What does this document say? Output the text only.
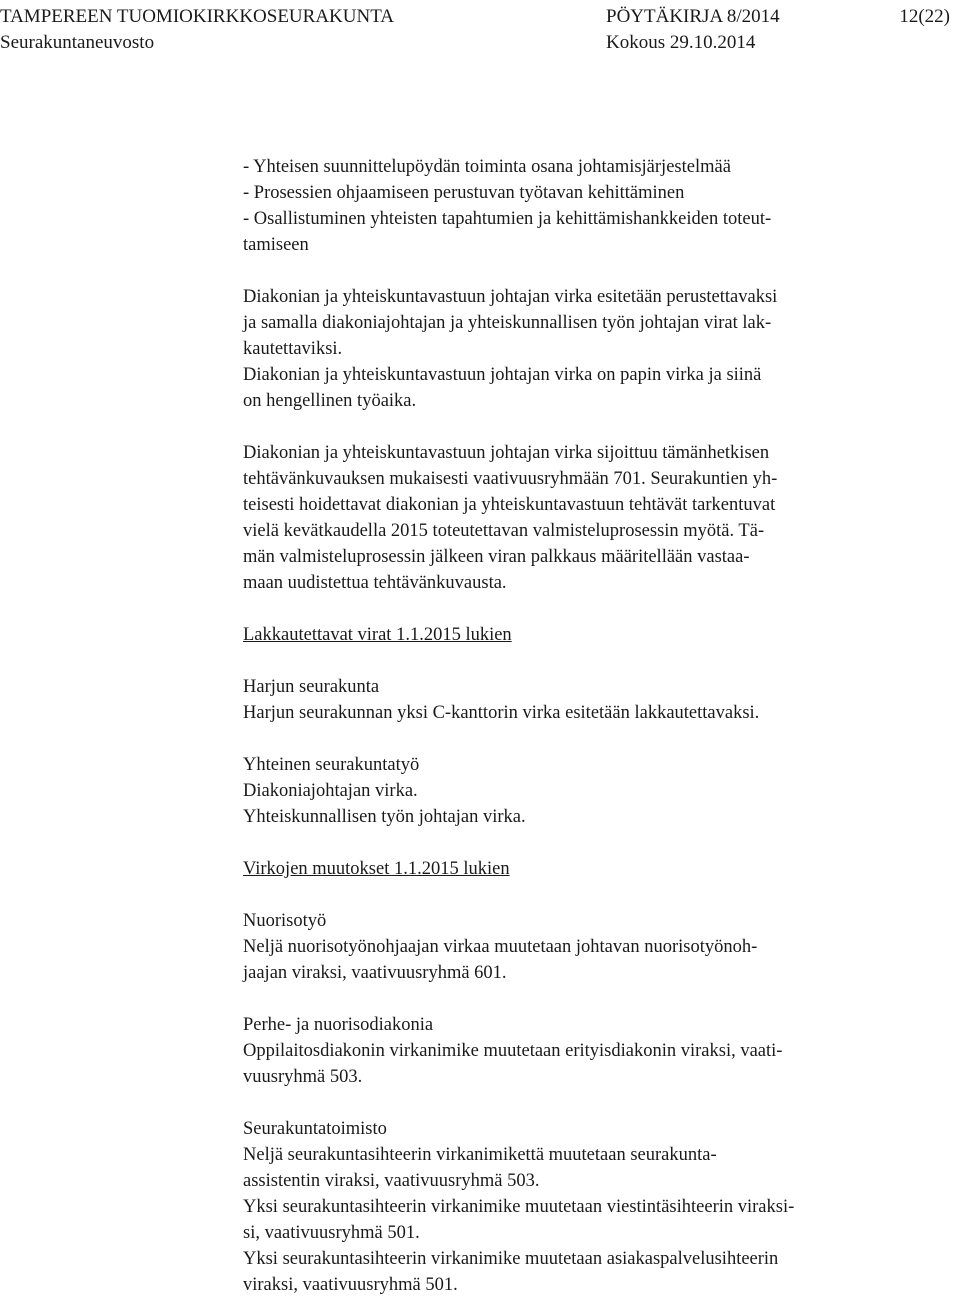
TAMPEREEN TUOMIOKIRKKOSEURAKUNTA	PÖYTÄKIRJA 8/2014	12(22)
Seurakuntaneuvosto	Kokous 29.10.2014
- Yhteisen suunnittelupöydän toiminta osana johtamisjärjestelmää
- Prosessien ohjaamiseen perustuvan työtavan kehittäminen
- Osallistuminen yhteisten tapahtumien ja kehittämishankkeiden toteut-
tamiseen
Diakonian ja yhteiskuntavastuun johtajan virka esitetään perustettavaksi
ja samalla diakoniajohtajan ja yhteiskunnallisen työn johtajan virat lak-
kautettaviksi.
Diakonian ja yhteiskuntavastuun johtajan virka on papin virka ja siinä
on hengellinen työaika.
Diakonian ja yhteiskuntavastuun johtajan virka sijoittuu tämänhetkisen
tehtävänkuvauksen mukaisesti vaativuusryhmään 701. Seurakuntien yh-
teisesti hoidettavat diakonian ja yhteiskuntavastuun tehtävät tarkentuvat
vielä kevätkaudella 2015 toteutettavan valmisteluprosessin myötä. Tä-
män valmisteluprosessin jälkeen viran palkkaus määritellään vastaa-
maan uudistettua tehtävänkuvausta.
Lakkautettavat virat 1.1.2015 lukien
Harjun seurakunta
Harjun seurakunnan yksi C-kanttorin virka esitetään lakkautettavaksi.
Yhteinen seurakuntatyö
Diakoniajohtajan virka.
Yhteiskunnallisen työn johtajan virka.
Virkojen muutokset 1.1.2015 lukien
Nuorisotyö
Neljä nuorisotyönohjaajan virkaa muutetaan johtavan nuorisotyönoh-
jaajan viraksi, vaativuusryhmä 601.
Perhe- ja nuorisodiakonia
Oppilaitosdiakonin virkanimike muutetaan erityisdiakonin viraksi, vaati-
vuusryhmä 503.
Seurakuntatoimisto
Neljä seurakuntasihteerin virkanimikettä muutetaan seurakunta-
assistentin viraksi, vaativuusryhmä 503.
Yksi seurakuntasihteerin virkanimike muutetaan viestintäsihteerin viraksi-
si, vaativuusryhmä 501.
Yksi seurakuntasihteerin virkanimike muutetaan asiakaspalvelusihteerin
viraksi, vaativuusryhmä 501.
